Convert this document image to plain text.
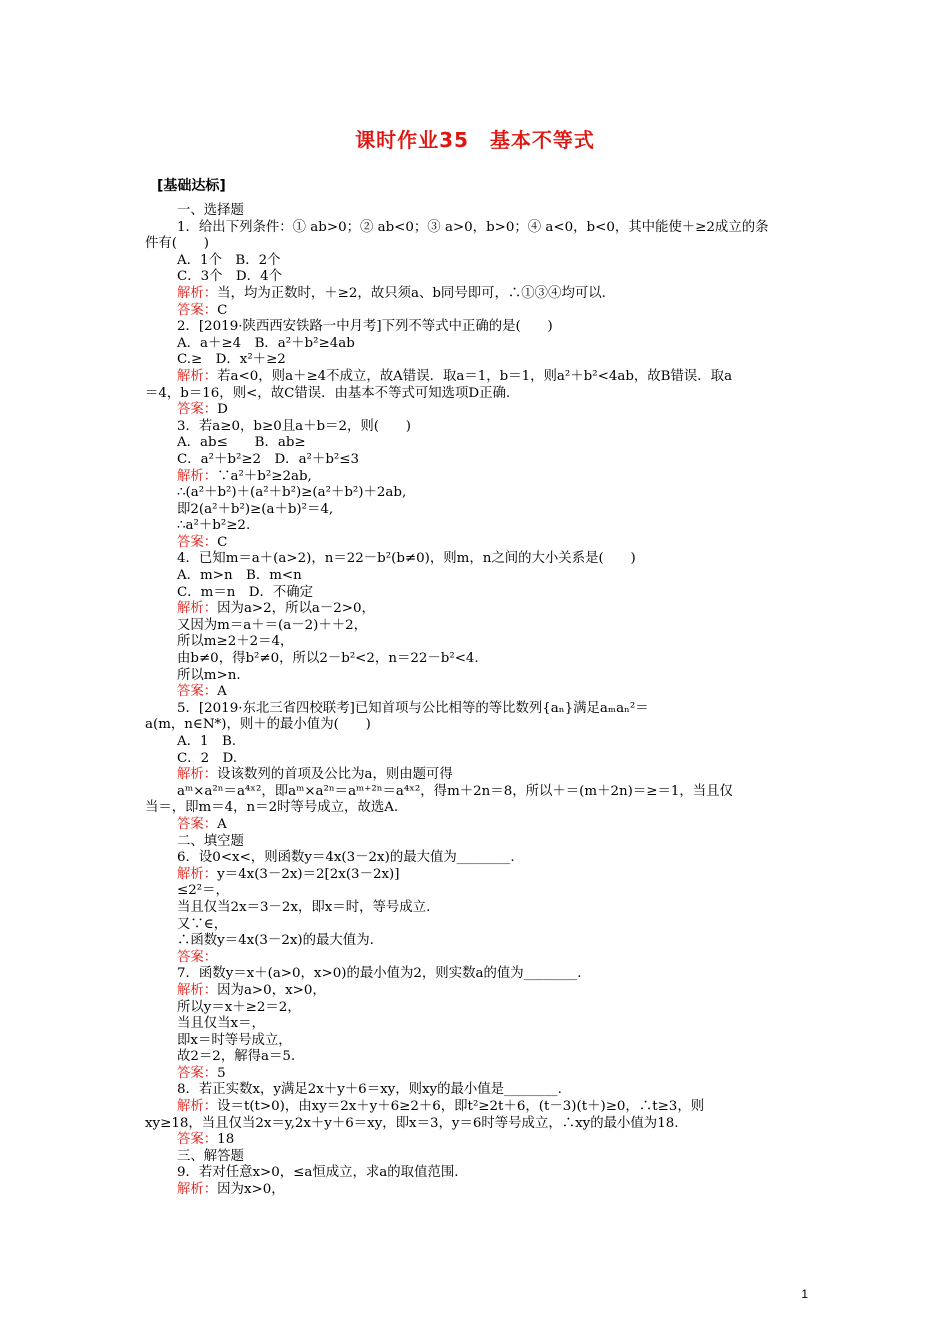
课时作业35　基本不等式
[基础达标]
一、选择题
1．给出下列条件：① ab>0；② ab<0；③ a>0，b>0；④ a<0，b<0，其中能使＋≥2成立的条
件有(　　)
A．1个　B．2个
C．3个　D．4个
解析：当，均为正数时，＋≥2，故只须a、b同号即可，∴①③④均可以.
答案：C
2．[2019·陕西西安铁路一中月考]下列不等式中正确的是(　　)
A．a＋≥4　B．a²＋b²≥4ab
C.≥　D．x²＋≥2
解析：若a<0，则a＋≥4不成立，故A错误．取a＝1，b＝1，则a²＋b²<4ab，故B错误．取a
＝4，b＝16，则<，故C错误．由基本不等式可知选项D正确.
答案：D
3．若a≥0，b≥0且a＋b＝2，则(　　)
A．ab≤　　B．ab≥
C．a²＋b²≥2　D．a²＋b²≤3
解析：∵a²＋b²≥2ab,
∴(a²＋b²)＋(a²＋b²)≥(a²＋b²)＋2ab,
即2(a²＋b²)≥(a＋b)²＝4,
∴a²＋b²≥2.
答案：C
4．已知m＝a＋(a>2)，n＝22－b²(b≠0)，则m，n之间的大小关系是(　　)
A．m>n　B．m<n
C．m＝n　D．不确定
解析：因为a>2，所以a－2>0，
又因为m＝a＋＝(a－2)＋＋2，
所以m≥2＋2＝4，
由b≠0，得b²≠0，所以2－b²<2，n＝22－b²<4.
所以m>n.
答案：A
5．[2019·东北三省四校联考]已知首项与公比相等的等比数列{aₙ}满足aₘaₙ²＝
a(m，n∈N*)，则＋的最小值为(　　)
A．1　B.
C．2　D.
解析：设该数列的首项及公比为a，则由题可得
aᵐ×a²ⁿ＝a⁴ˣ²，即aᵐ×a²ⁿ＝aᵐ⁺²ⁿ＝a⁴ˣ²，得m＋2n＝8，所以＋＝(m＋2n)＝≥＝1，当且仅
当＝，即m＝4，n＝2时等号成立，故选A.
答案：A
二、填空题
6．设0<x<，则函数y＝4x(3－2x)的最大值为________.
解析：y＝4x(3－2x)＝2[2x(3－2x)]
≤2²＝，
当且仅当2x＝3－2x，即x＝时，等号成立.
又∵∈，
∴函数y＝4x(3－2x)的最大值为.
答案：
7．函数y＝x＋(a>0，x>0)的最小值为2，则实数a的值为________.
解析：因为a>0，x>0，
所以y＝x＋≥2＝2，
当且仅当x＝，
即x＝时等号成立，
故2＝2，解得a＝5.
答案：5
8．若正实数x，y满足2x＋y＋6＝xy，则xy的最小值是________.
解析：设＝t(t>0)，由xy＝2x＋y＋6≥2＋6，即t²≥2t＋6，(t－3)(t＋)≥0，∴t≥3，则
xy≥18，当且仅当2x＝y,2x＋y＋6＝xy，即x＝3，y＝6时等号成立，∴xy的最小值为18.
答案：18
三、解答题
9．若对任意x>0，≤a恒成立，求a的取值范围.
解析：因为x>0，
1
